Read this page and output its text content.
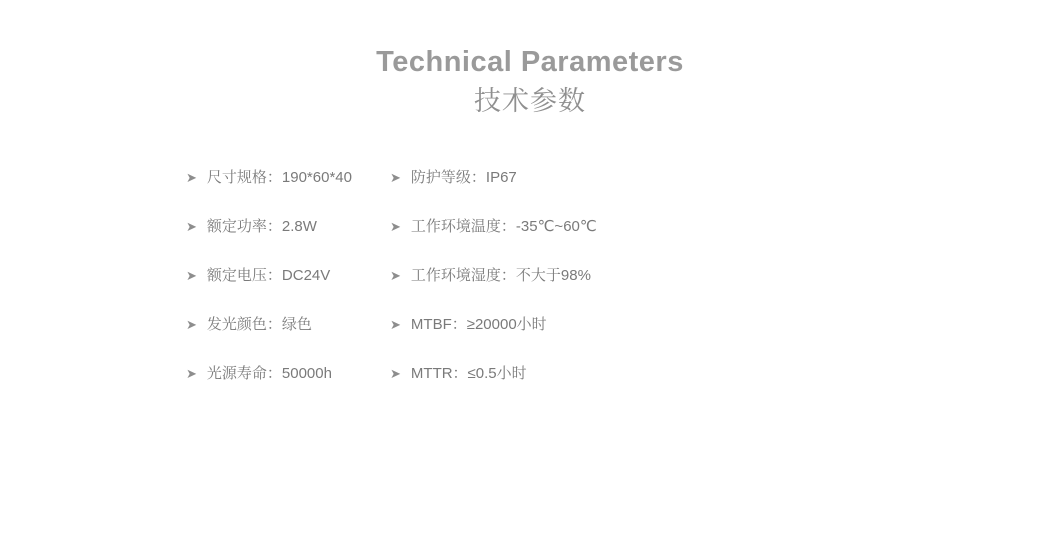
Technical Parameters
技术参数
➤ 尺寸规格：190*60*40
➤ 额定功率：2.8W
➤ 额定电压：DC24V
➤ 发光颜色：绿色
➤ 光源寿命：50000h
➤ 防护等级：IP67
➤ 工作环境温度：-35℃~60℃
➤ 工作环境湿度：不大于98%
➤ MTBF：≥20000小时
➤ MTTR：≤0.5小时
